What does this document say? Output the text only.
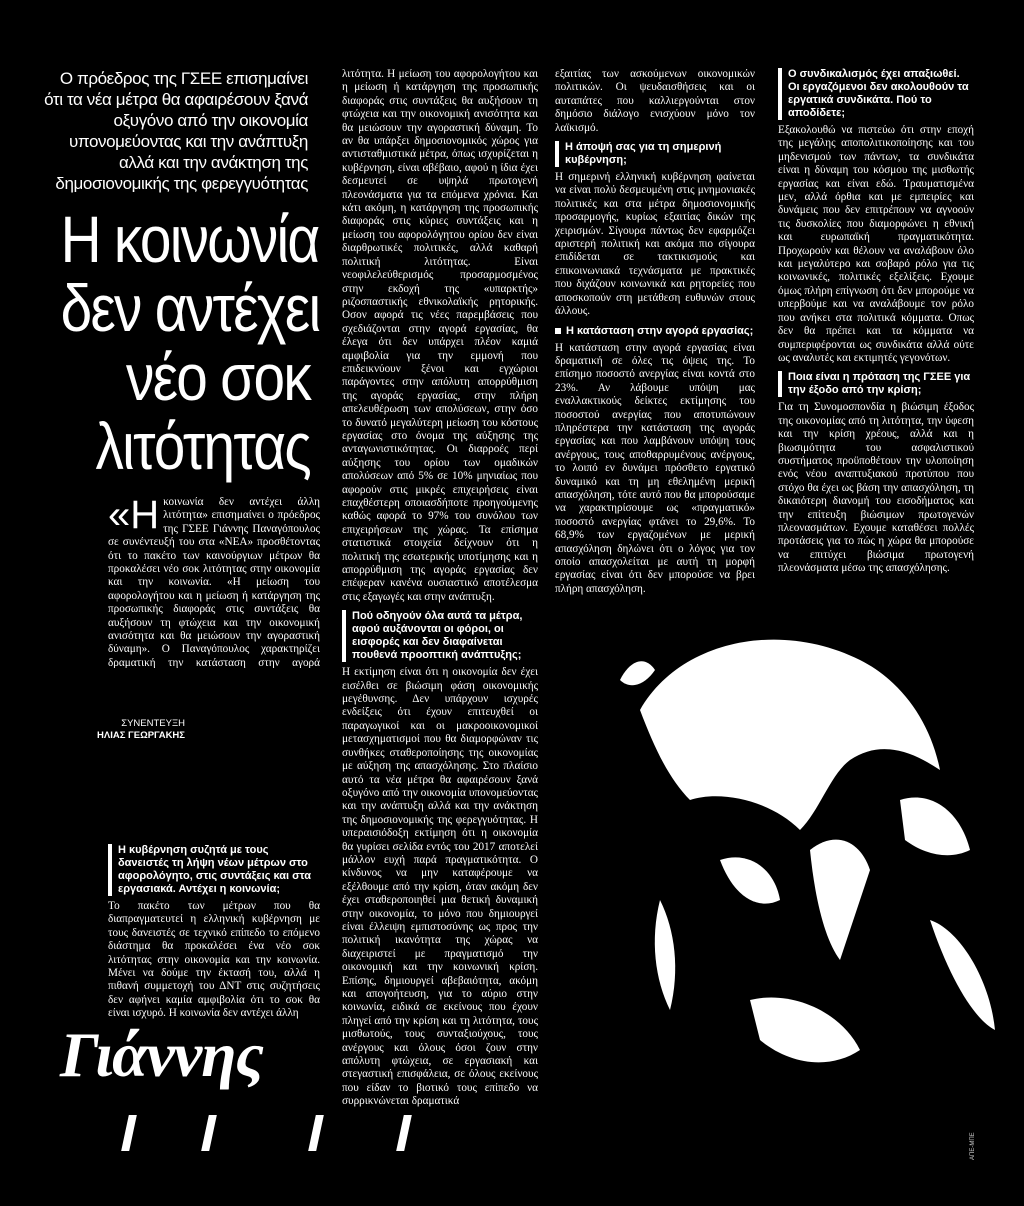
Ο πρόεδρος της ΓΣΕΕ επισημαίνει ότι τα νέα μέτρα θα αφαιρέσουν ξανά οξυγόνο από την οικονομία υπονομεύοντας και την ανάπτυξη αλλά και την ανάκτηση της δημοσιονομικής της φερεγγυότητας
Η κοινωνία
δεν αντέχει
νέο σοκ
λιτότητας
«Η κοινωνία δεν αντέχει άλλη λιτότητα» επισημαίνει ο πρόεδρος της ΓΣΕΕ Γιάννης Παναγόπουλος σε συνέντευξή του στα «ΝΕΑ» προσθέτοντας ότι το πακέτο των καινούργιων μέτρων θα προκαλέσει νέο σοκ λιτότητας στην οικονομία και την κοινωνία. «Η μείωση του αφορολογήτου και η μείωση ή κατάργηση της προσωπικής διαφοράς στις συντάξεις θα αυξήσουν τη φτώχεια και την οικονομική ανισότητα και θα μειώσουν την αγοραστική δύναμη». Ο Παναγόπουλος χαρακτηρίζει δραματική την κατάσταση στην αγορά
ΣΥΝΕΝΤΕΥΞΗ
ΗΛΙΑΣ ΓΕΩΡΓΑΚΗΣ
Η κυβέρνηση συζητά με τους δανειστές τη λήψη νέων μέτρων στο αφορολόγητο, στις συντάξεις και στα εργασιακά. Αντέχει η κοινωνία;

Το πακέτο των μέτρων που θα διαπραγματευτεί η ελληνική κυβέρνηση με τους δανειστές σε τεχνικό επίπεδο το επόμενο διάστημα θα προκαλέσει ένα νέο σοκ λιτότητας στην οικονομία και την κοινωνία. Μένει να δούμε την έκτασή του, αλλά η πιθανή συμμετοχή του ΔΝΤ στις συζητήσεις δεν αφήνει καμία αμφιβολία ότι το σοκ θα είναι ισχυρό. Η κοινωνία δεν αντέχει άλλη

Γιάννης

λιτότητα. Η μείωση του αφορολογήτου και η μείωση ή κατάργηση της προσωπικής διαφοράς στις συντάξεις θα αυξήσουν τη φτώχεια και την οικονομική ανισότητα και θα μειώσουν την αγοραστική δύναμη. Το αν θα υπάρξει δημοσιονομικός χώρος για αντισταθμιστικά μέτρα, όπως ισχυρίζεται η κυβέρνηση, είναι αβέβαιο, αφού η ίδια έχει δεσμευτεί σε υψηλά πρωτογενή πλεονάσματα για τα επόμενα χρόνια. Και κάτι ακόμη, η κατάργηση της προσωπικής διαφοράς στις κύριες συντάξεις και η μείωση του αφορολόγητου ορίου δεν είναι διαρθρωτικές πολιτικές, αλλά καθαρή πολιτική λιτότητας. Είναι νεοφιλελεύθερισμός προσαρμοσμένος στην εκδοχή της «υπαρκτής» ριζοσπαστικής εθνικολαϊκής ρητορικής. Οσον αφορά τις νέες παρεμβάσεις που σχεδιάζονται στην αγορά εργασίας, θα έλεγα ότι δεν υπάρχει πλέον καμιά αμφιβολία για την εμμονή που επιδεικνύουν ξένοι και εγχώριοι παράγοντες στην απόλυτη απορρύθμιση της αγοράς εργασίας, στην πλήρη απελευθέρωση των απολύσεων, στην όσο το δυνατό μεγαλύτερη μείωση του κόστους εργασίας στο όνομα της αύξησης της ανταγωνιστικότητας. Οι διαρροές περί αύξησης του ορίου των ομαδικών απολύσεων από 5% σε 10% μηνιαίως που αφορούν στις μικρές επιχειρήσεις είναι επαχθέστερη οποιασδήποτε προηγούμενης καθώς αφορά το 97% του συνόλου των επιχειρήσεων της χώρας. Τα επίσημα στατιστικά στοιχεία δείχνουν ότι η πολιτική της εσωτερικής υποτίμησης και η απορρύθμιση της αγοράς εργασίας δεν επέφεραν κανένα ουσιαστικό αποτέλεσμα στις εξαγωγές και στην ανάπτυξη.

Πού οδηγούν όλα αυτά τα μέτρα, αφού αυξάνονται οι φόροι, οι εισφορές και δεν διαφαίνεται πουθενά προοπτική ανάπτυξης;

Η εκτίμηση είναι ότι η οικονομία δεν έχει εισέλθει σε βιώσιμη φάση οικονομικής μεγέθυνσης. Δεν υπάρχουν ισχυρές ενδείξεις ότι έχουν επιτευχθεί οι παραγωγικοί και οι μακροοικονομικοί μετασχηματισμοί που θα διαμορφώναν τις συνθήκες σταθεροποίησης της οικονομίας με αύξηση της απασχόλησης. Στο πλαίσιο αυτό τα νέα μέτρα θα αφαιρέσουν ξανά οξυγόνο από την οικονομία υπονομεύοντας και την ανάπτυξη αλλά και την ανάκτηση της δημοσιονομικής της φερεγγυότητας. Η υπεραισιόδοξη εκτίμηση ότι η οικονομία θα γυρίσει σελίδα εντός του 2017 αποτελεί μάλλον ευχή παρά πραγματικότητα. Ο κίνδυνος να μην καταφέρουμε να εξέλθουμε από την κρίση, όταν ακόμη δεν έχει σταθεροποιηθεί μια θετική δυναμική στην οικονομία, το μόνο που δημιουργεί είναι έλλειψη εμπιστοσύνης ως προς την πολιτική ικανότητα της χώρας να διαχειριστεί με πραγματισμό την οικονομική και την κοινωνική κρίση. Επίσης, δημιουργεί αβεβαιότητα, ακόμη και απογοήτευση, για το αύριο στην κοινωνία, ειδικά σε εκείνους που έχουν πληγεί από την κρίση και τη λιτότητα, τους μισθωτούς, τους συνταξιούχους, τους ανέργους και όλους όσοι ζουν στην απόλυτη φτώχεια, σε εργασιακή και στεγαστική επισφάλεια, σε όλους εκείνους που είδαν το βιοτικό τους επίπεδο να συρρικνώνεται δραματικά

εξαιτίας των ασκούμενων οικονομικών πολιτικών. Οι ψευδαισθήσεις και οι αυταπάτες που καλλιεργούνται στον δημόσιο διάλογο ενισχύουν μόνο τον λαϊκισμό.

Η άποψή σας για τη σημερινή κυβέρνηση;

Η σημερινή ελληνική κυβέρνηση φαίνεται να είναι πολύ δεσμευμένη στις μνημονιακές πολιτικές και στα μέτρα δημοσιονομικής προσαρμογής, κυρίως εξαιτίας δικών της χειρισμών. Σίγουρα πάντως δεν εφαρμόζει αριστερή πολιτική και ακόμα πιο σίγουρα επιδίδεται σε τακτικισμούς και επικοινωνιακά τεχνάσματα με πρακτικές που διχάζουν κοινωνικά και ρητορείες που αποσκοπούν στη μετάθεση ευθυνών στους άλλους.

Η κατάσταση στην αγορά εργασίας;

Η κατάσταση στην αγορά εργασίας είναι δραματική σε όλες τις όψεις της. Το επίσημο ποσοστό ανεργίας είναι κοντά στο 23%. Αν λάβουμε υπόψη μας εναλλακτικούς δείκτες εκτίμησης του ποσοστού ανεργίας που αποτυπώνουν πληρέστερα την κατάσταση της αγοράς εργασίας και που λαμβάνουν υπόψη τους ανέργους, τους αποθαρρυμένους ανέργους, το λοιπό εν δυνάμει πρόσθετο εργατικό δυναμικό και τη μη εθελημένη μερική απασχόληση, τότε αυτό που θα μπορούσαμε να χαρακτηρίσουμε ως «πραγματικό» ποσοστό ανεργίας φτάνει το 29,6%. Το 68,9% των εργαζομένων με μερική απασχόληση δηλώνει ότι ο λόγος για τον οποίο απασχολείται με αυτή τη μορφή εργασίας είναι ότι δεν μπορούσε να βρει πλήρη απασχόληση.

Ο συνδικαλισμός έχει απαξιωθεί. Οι εργαζόμενοι δεν ακολουθούν τα εργατικά συνδικάτα. Πού το αποδίδετε;

Εξακολουθώ να πιστεύω ότι στην εποχή της μεγάλης αποπολιτικοποίησης και του μηδενισμού των πάντων, τα συνδικάτα είναι η δύναμη του κόσμου της μισθωτής εργασίας και είναι εδώ. Τραυματισμένα μεν, αλλά όρθια και με εμπειρίες και δυνάμεις που δεν επιτρέπουν να αγνοούν τις δυσκολίες που διαμορφώνει η εθνική και ευρωπαϊκή πραγματικότητα. Προχωρούν και θέλουν να αναλάβουν όλο και μεγαλύτερο και σοβαρό ρόλο για τις κοινωνικές, πολιτικές εξελίξεις. Εχουμε όμως πλήρη επίγνωση ότι δεν μπορούμε να υπερβούμε και να αναλάβουμε τον ρόλο που ανήκει στα πολιτικά κόμματα. Οπως δεν θα πρέπει και τα κόμματα να συμπεριφέρονται ως συνδικάτα αλλά ούτε ως αναλυτές και εκτιμητές γεγονότων.

Ποια είναι η πρόταση της ΓΣΕΕ για την έξοδο από την κρίση;

Για τη Συνομοσπονδία η βιώσιμη έξοδος της οικονομίας από τη λιτότητα, την ύφεση και την κρίση χρέους, αλλά και η βιωσιμότητα του ασφαλιστικού συστήματος προϋποθέτουν την υλοποίηση ενός νέου αναπτυξιακού προτύπου που στόχο θα έχει ως βάση την απασχόληση, τη δικαιότερη διανομή του εισοδήματος και την επίτευξη βιώσιμων πρωτογενών πλεονασμάτων. Εχουμε καταθέσει πολλές προτάσεις για το πώς η χώρα θα μπορούσε να επιτύχει βιώσιμα πρωτογενή πλεονάσματα μέσω της απασχόλησης.

ΑΠΕ-ΜΠΕ
